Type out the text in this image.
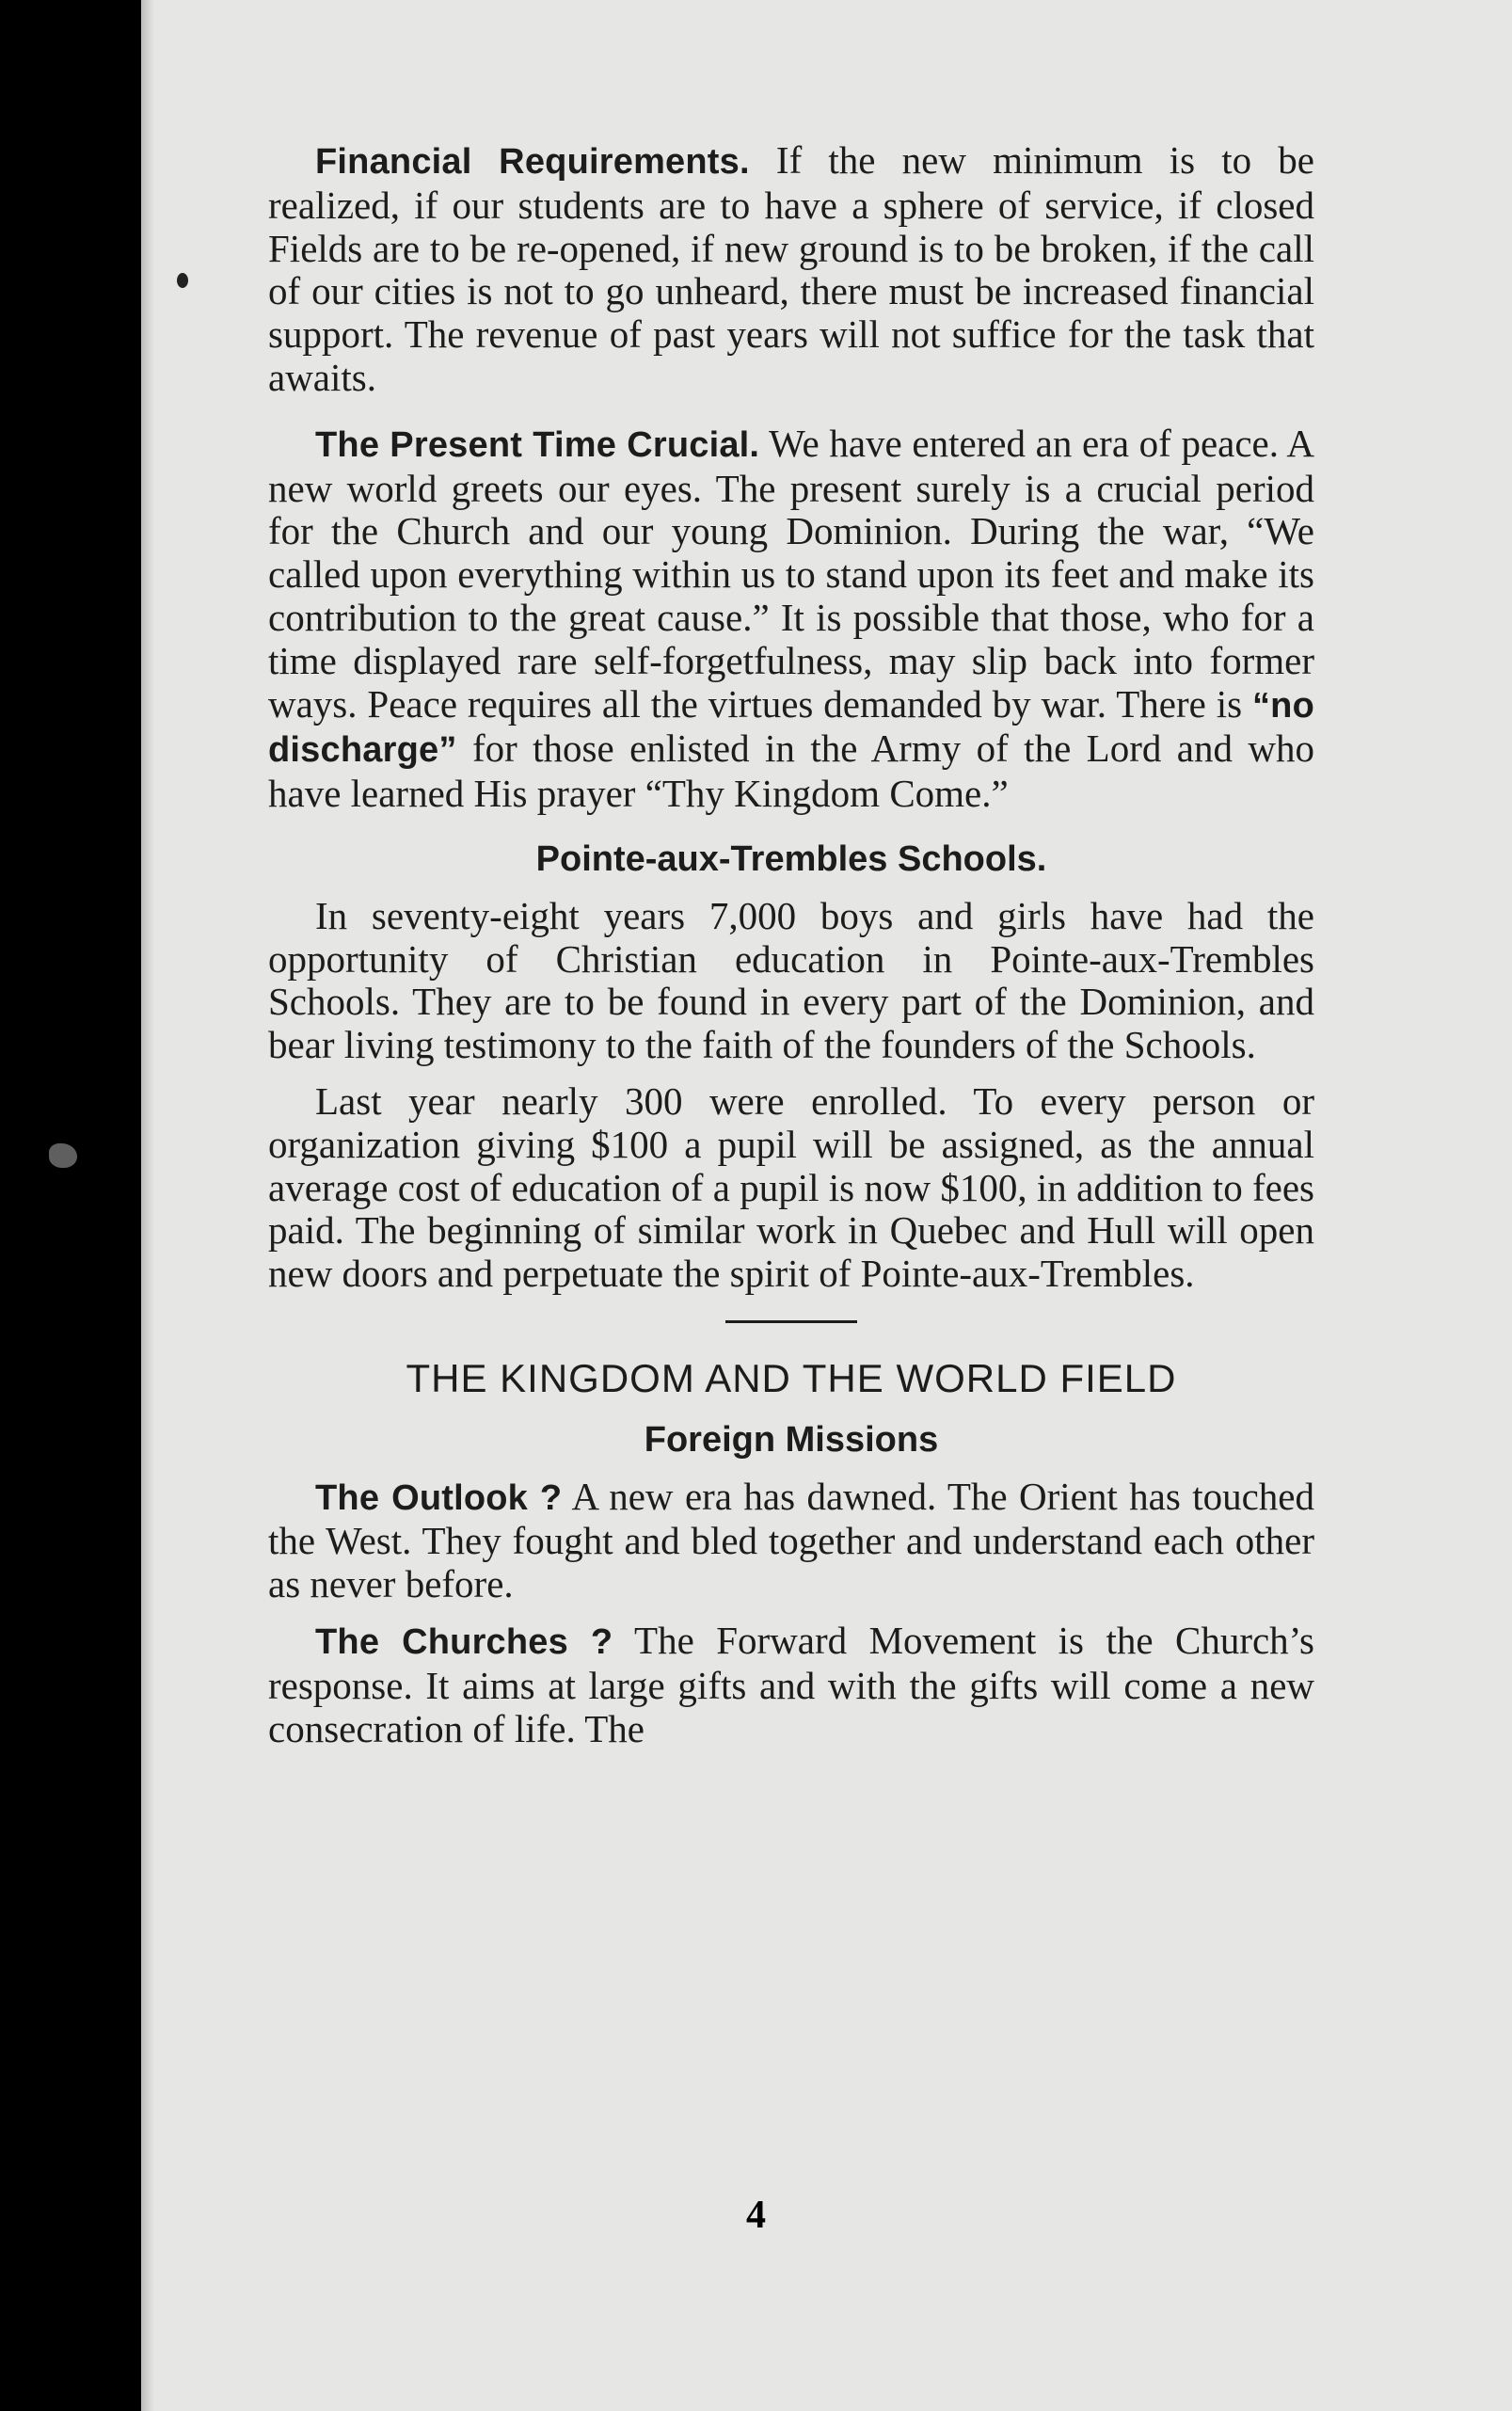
Financial Requirements. If the new minimum is to be realized, if our students are to have a sphere of service, if closed Fields are to be re-opened, if new ground is to be broken, if the call of our cities is not to go unheard, there must be increased financial support. The revenue of past years will not suffice for the task that awaits.

The Present Time Crucial. We have entered an era of peace. A new world greets our eyes. The present surely is a crucial period for the Church and our young Dominion. During the war, “We called upon everything within us to stand upon its feet and make its contribution to the great cause.” It is possible that those, who for a time displayed rare self-forgetfulness, may slip back into former ways. Peace requires all the virtues demanded by war. There is “no discharge” for those enlisted in the Army of the Lord and who have learned His prayer “Thy Kingdom Come.”

Pointe-aux-Trembles Schools.

In seventy-eight years 7,000 boys and girls have had the opportunity of Christian education in Pointe-aux-Trembles Schools. They are to be found in every part of the Dominion, and bear living testimony to the faith of the founders of the Schools.

Last year nearly 300 were enrolled. To every person or organization giving $100 a pupil will be assigned, as the annual average cost of education of a pupil is now $100, in addition to fees paid. The beginning of similar work in Quebec and Hull will open new doors and perpetuate the spirit of Pointe-aux-Trembles.

THE KINGDOM AND THE WORLD FIELD
Foreign Missions

The Outlook ? A new era has dawned. The Orient has touched the West. They fought and bled together and understand each other as never before.

The Churches ? The Forward Movement is the Church’s response. It aims at large gifts and with the gifts will come a new consecration of life. The

4
